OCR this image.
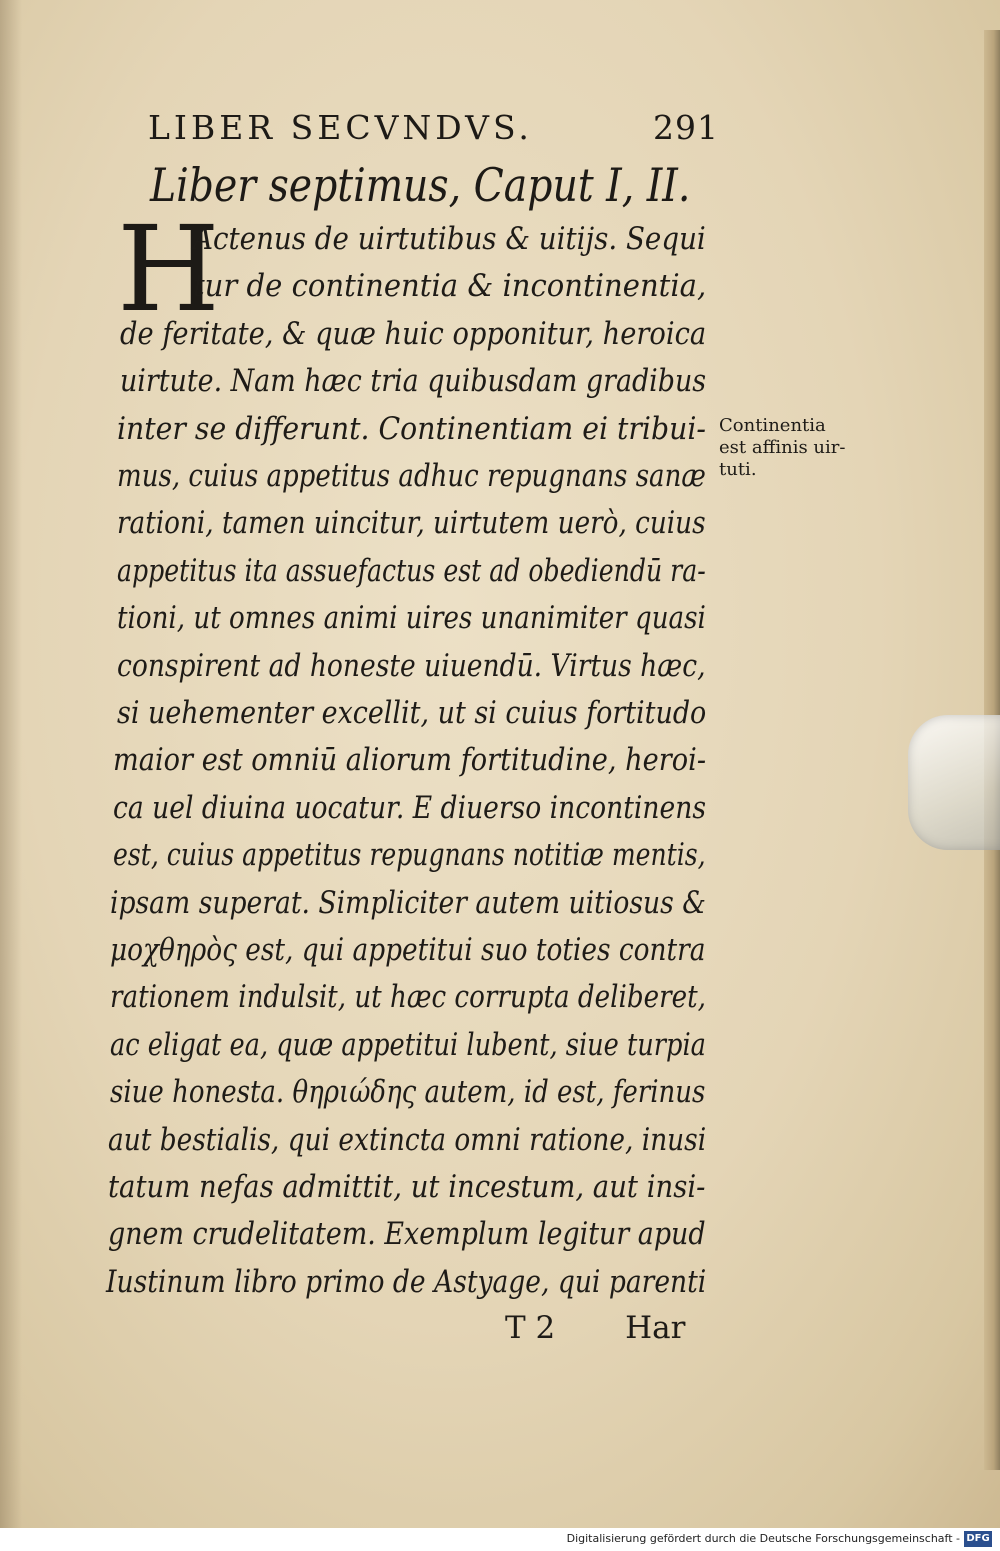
LIBER SECVNDVS.	291
Liber septimus, Caput I, II.
H
Actenus de uirtutibus & uitijs. Sequi
tur de continentia & incontinentia,
de feritate, & quæ huic opponitur, heroica
uirtute. Nam hæc tria quibusdam gradibus
inter se differunt. Continentiam ei tribui-
mus, cuius appetitus adhuc repugnans sanæ
rationi, tamen uincitur, uirtutem uerò, cuius
appetitus ita assuefactus est ad obediendū ra-
tioni, ut omnes animi uires unanimiter quasi
conspirent ad honeste uiuendū. Virtus hæc,
si uehementer excellit, ut si cuius fortitudo
maior est omniū aliorum fortitudine, heroi-
ca uel diuina uocatur. E diuerso incontinens
est, cuius appetitus repugnans notitiæ mentis,
ipsam superat. Simpliciter autem uitiosus &
μοχθηρὸς est, qui appetitui suo toties contra
rationem indulsit, ut hæc corrupta deliberet,
ac eligat ea, quæ appetitui lubent, siue turpia
siue honesta. θηριώδης autem, id est, ferinus
aut bestialis, qui extincta omni ratione, inusi
tatum nefas admittit, ut incestum, aut insi-
gnem crudelitatem. Exemplum legitur apud
Iustinum libro primo de Astyage, qui parenti
Continentia
est affinis uir-
tuti.
T 2 Har
Digitalisierung gefördert durch die Deutsche Forschungsgemeinschaft - DFG
